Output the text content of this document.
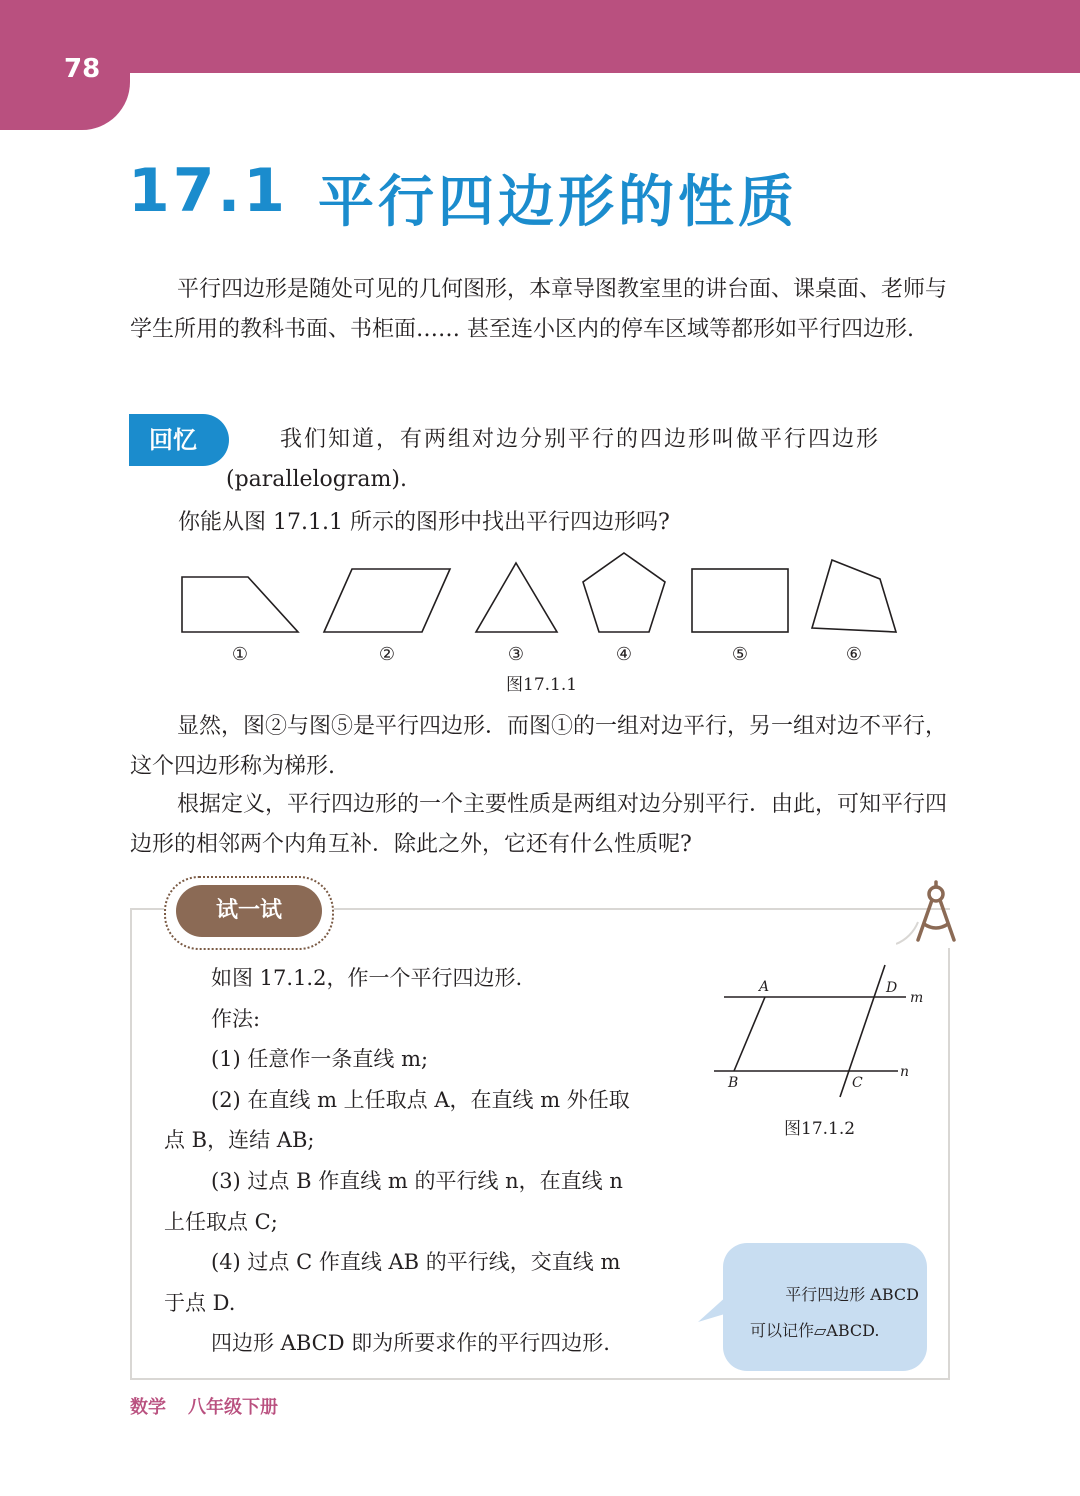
78
17.1 平行四边形的性质
平行四边形是随处可见的几何图形，本章导图教室里的讲台面、课桌面、老师与学生所用的教科书面、书柜面…… 甚至连小区内的停车区域等都形如平行四边形.
回忆	我们知道，有两组对边分别平行的四边形叫做平行四边形
(parallelogram).
你能从图 17.1.1 所示的图形中找出平行四边形吗?
①	②	③	④	⑤	⑥
图17.1.1
显然，图②与图⑤是平行四边形．而图①的一组对边平行，另一组对边不平行，这个四边形称为梯形.
根据定义，平行四边形的一个主要性质是两组对边分别平行．由此，可知平行四边形的相邻两个内角互补．除此之外，它还有什么性质呢?
试一试
如图 17.1.2，作一个平行四边形.
作法:
(1) 任意作一条直线 m;
(2) 在直线 m 上任取点 A，在直线 m 外任取点 B，连结 AB;
(3) 过点 B 作直线 m 的平行线 n，在直线 n 上任取点 C;
(4) 过点 C 作直线 AB 的平行线，交直线 m 于点 D.
四边形 ABCD 即为所要求作的平行四边形.
A	D
m
B	C
n
图17.1.2
平行四边形 ABCD
可以记作▱ABCD.
数学 八年级下册
